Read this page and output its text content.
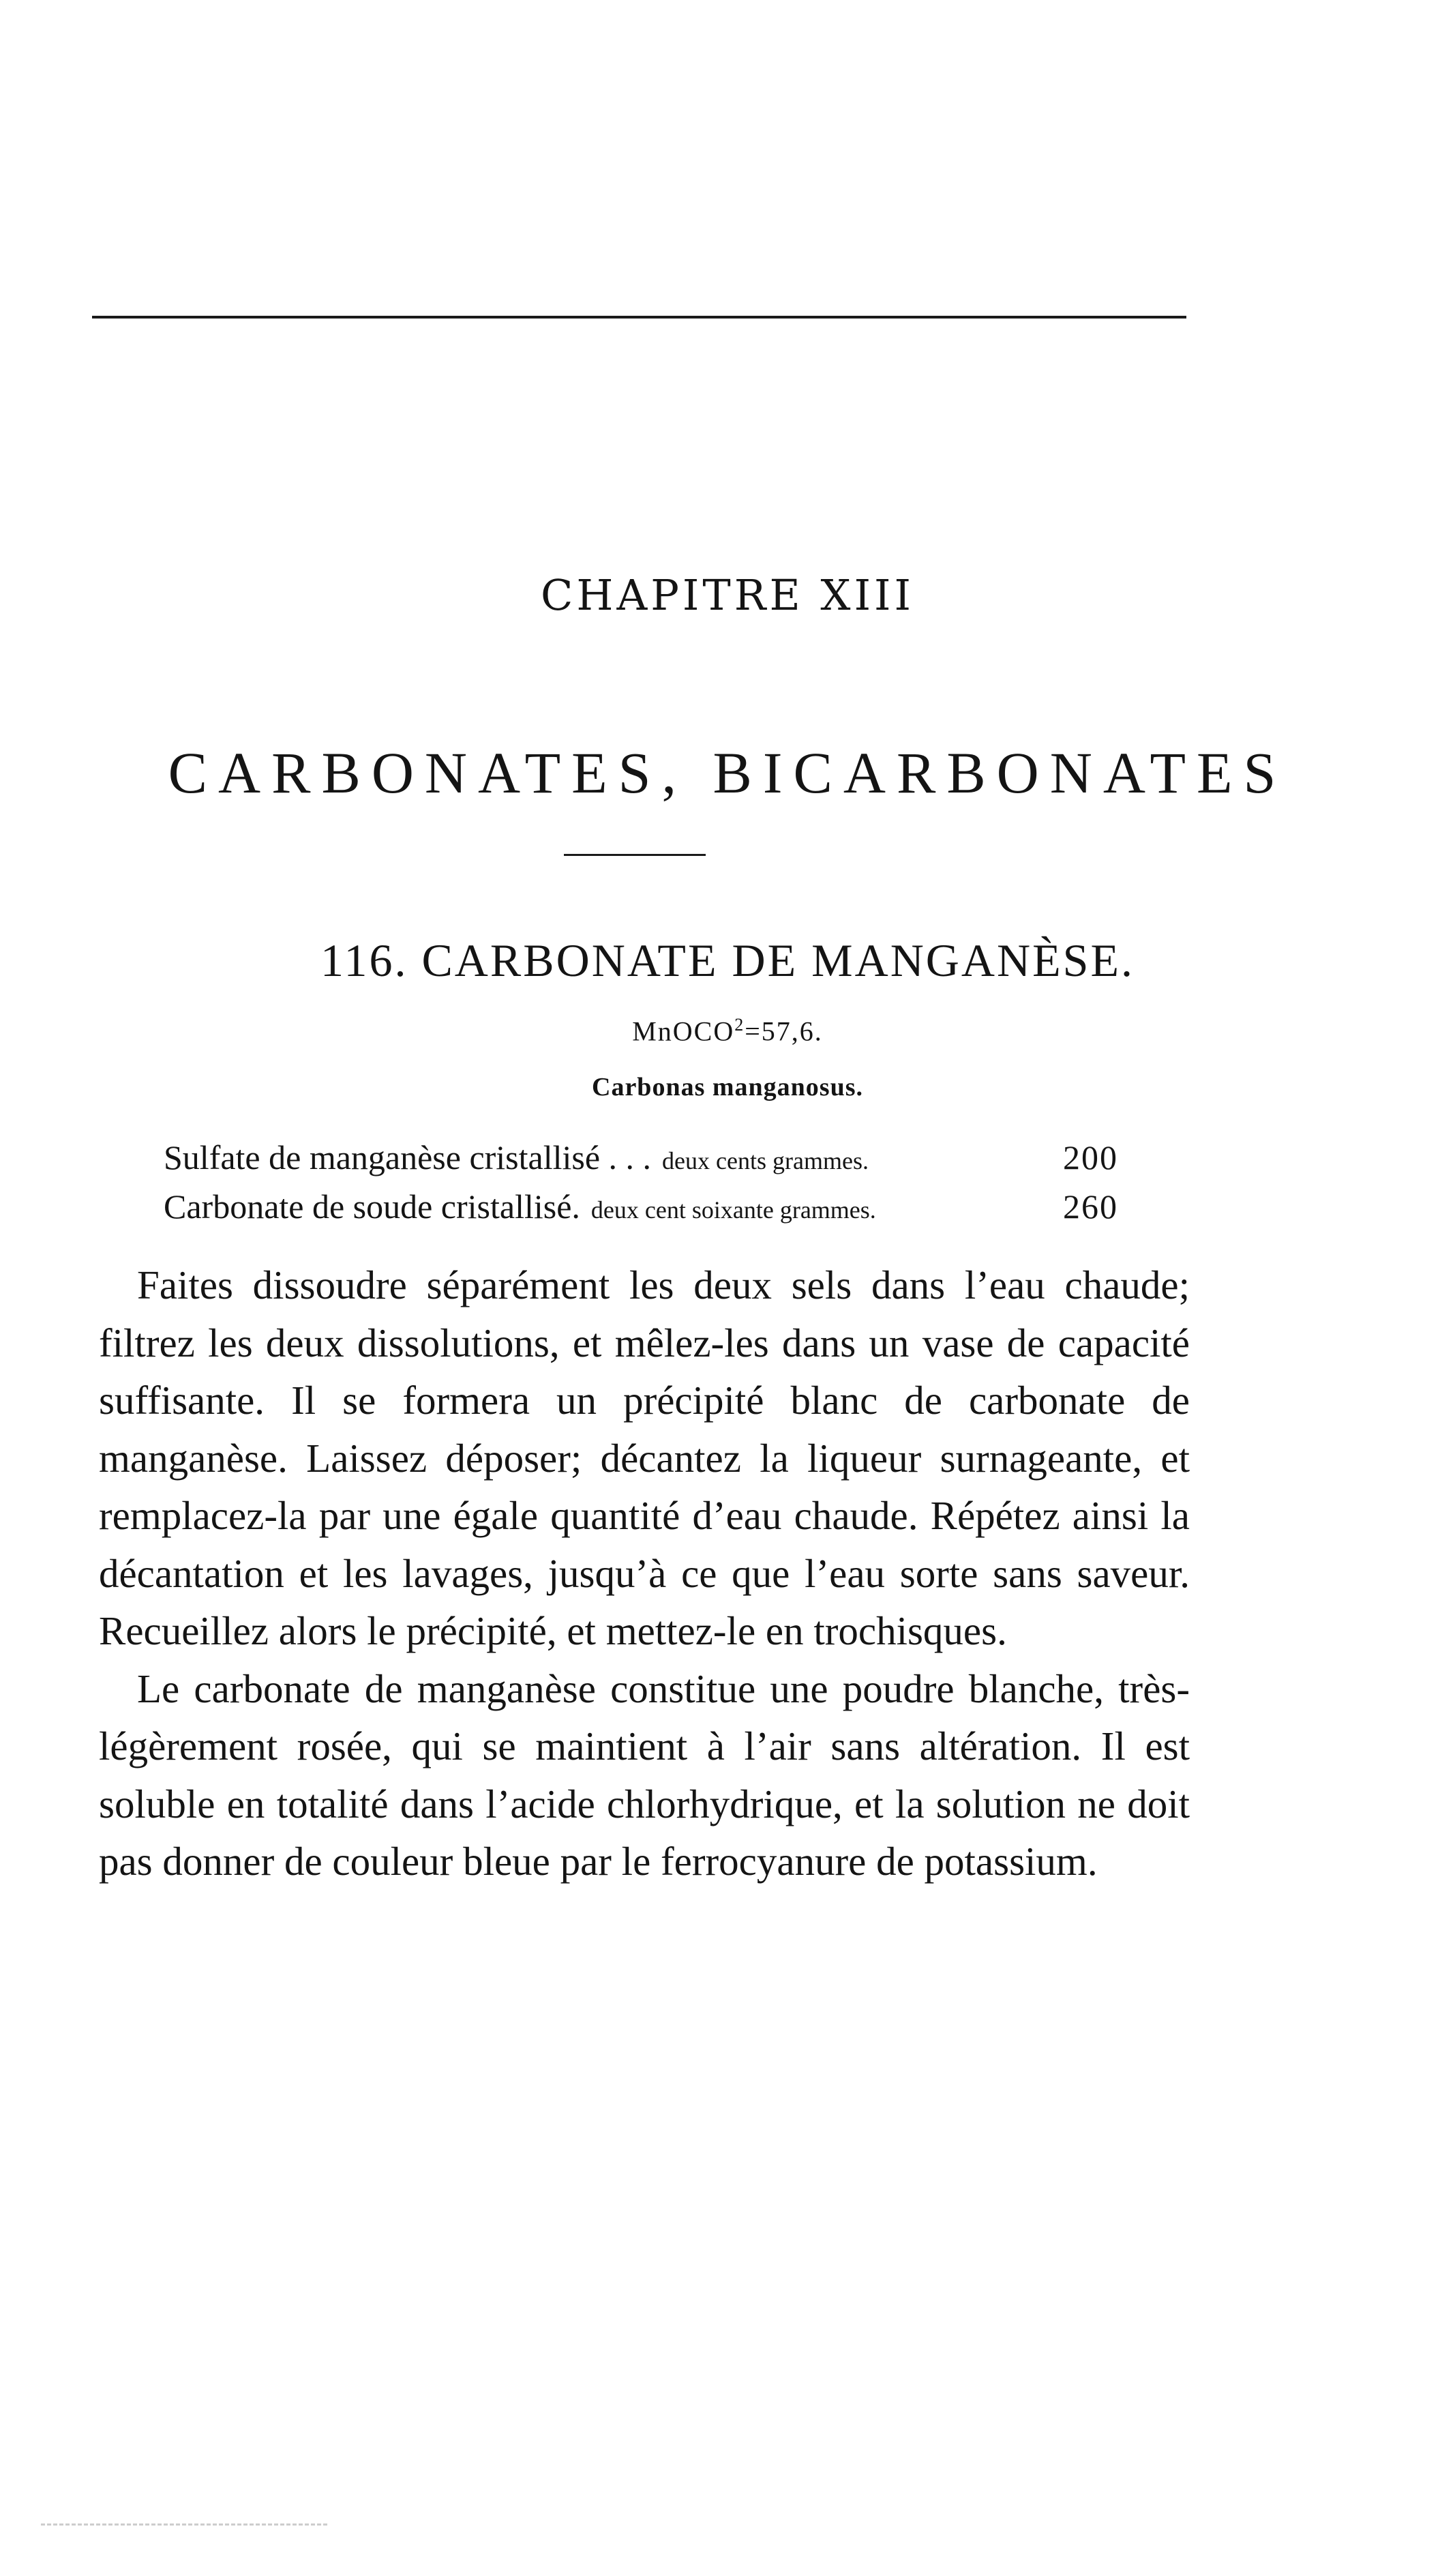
CHAPITRE XIII
CARBONATES, BICARBONATES
116. CARBONATE DE MANGANÈSE.
MnOCO$^2$=57,6.
Carbonas manganosus.
Sulfate de manganèse cristallisé . . . deux cents grammes.	200
Carbonate de soude cristallisé. deux cent soixante grammes.	260

Faites dissoudre séparément les deux sels dans l’eau chaude; filtrez les deux dissolutions, et mêlez-les dans un vase de capacité suffisante. Il se formera un précipité blanc de carbonate de manganèse. Laissez déposer; décantez la liqueur surnageante, et remplacez-la par une égale quantité d’eau chaude. Répétez ainsi la décantation et les lavages, jusqu’à ce que l’eau sorte sans saveur. Recueillez alors le précipité, et mettez-le en trochisques.

Le carbonate de manganèse constitue une poudre blanche, très-légèrement rosée, qui se maintient à l’air sans altération. Il est soluble en totalité dans l’acide chlorhydrique, et la solution ne doit pas donner de couleur bleue par le ferrocyanure de potassium.
